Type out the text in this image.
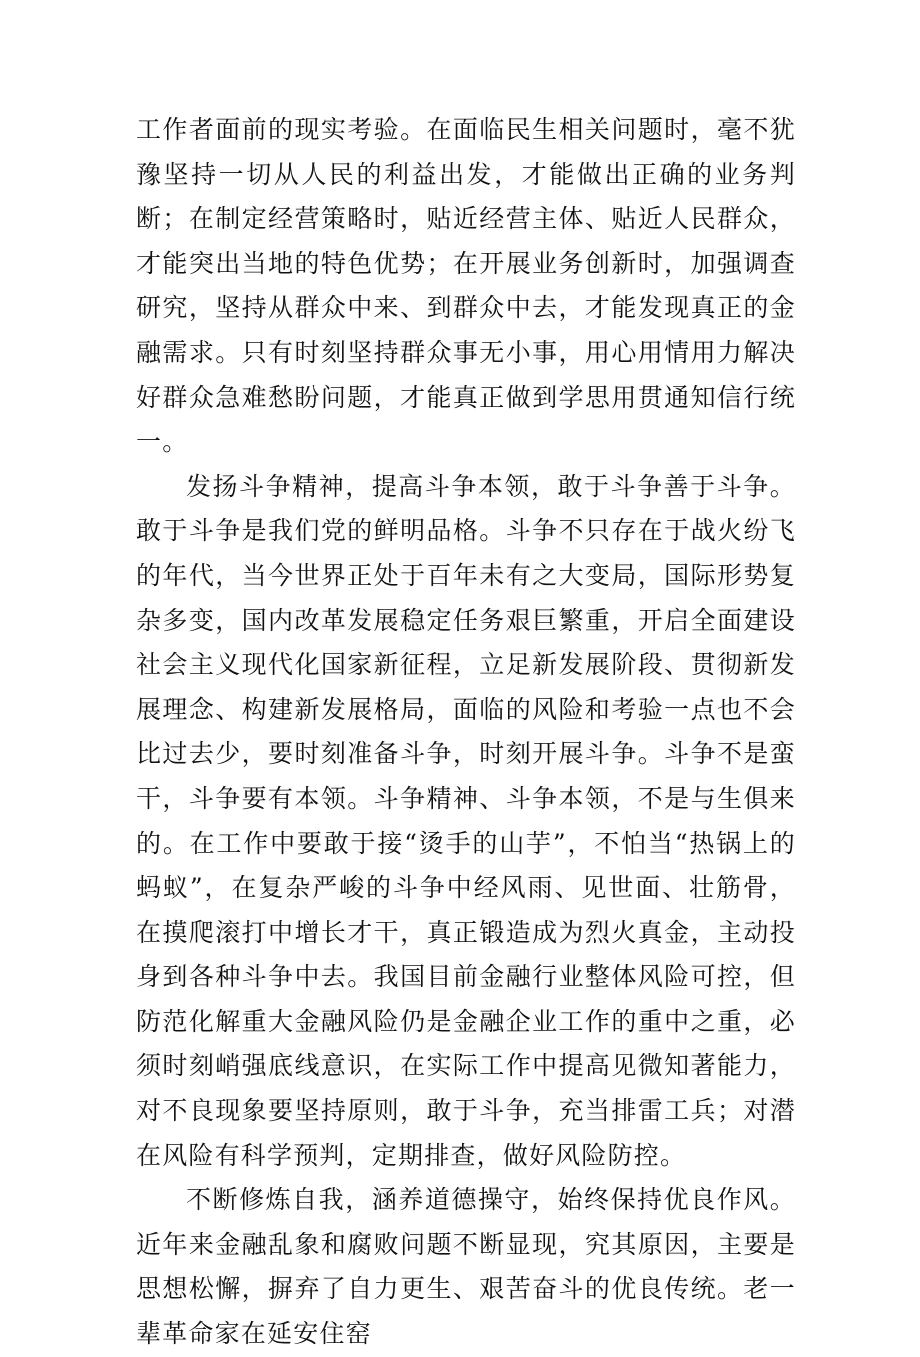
工作者面前的现实考验。在面临民生相关问题时，毫不犹豫坚持一切从人民的利益出发，才能做出正确的业务判断；在制定经营策略时，贴近经营主体、贴近人民群众，才能突出当地的特色优势；在开展业务创新时，加强调查研究，坚持从群众中来、到群众中去，才能发现真正的金融需求。只有时刻坚持群众事无小事，用心用情用力解决好群众急难愁盼问题，才能真正做到学思用贯通知信行统一。

发扬斗争精神，提高斗争本领，敢于斗争善于斗争。敢于斗争是我们党的鲜明品格。斗争不只存在于战火纷飞的年代，当今世界正处于百年未有之大变局，国际形势复杂多变，国内改革发展稳定任务艰巨繁重，开启全面建设社会主义现代化国家新征程，立足新发展阶段、贯彻新发展理念、构建新发展格局，面临的风险和考验一点也不会比过去少，要时刻准备斗争，时刻开展斗争。斗争不是蛮干，斗争要有本领。斗争精神、斗争本领，不是与生俱来的。在工作中要敢于接“烫手的山芋”，不怕当“热锅上的蚂蚁”，在复杂严峻的斗争中经风雨、见世面、壮筋骨，在摸爬滚打中增长才干，真正锻造成为烈火真金，主动投身到各种斗争中去。我国目前金融行业整体风险可控，但防范化解重大金融风险仍是金融企业工作的重中之重，必须时刻峭强底线意识，在实际工作中提高见微知著能力，对不良现象要坚持原则，敢于斗争，充当排雷工兵；对潜在风险有科学预判，定期排查，做好风险防控。

不断修炼自我，涵养道德操守，始终保持优良作风。近年来金融乱象和腐败问题不断显现，究其原因，主要是思想松懈，摒弃了自力更生、艰苦奋斗的优良传统。老一辈革命家在延安住窑
